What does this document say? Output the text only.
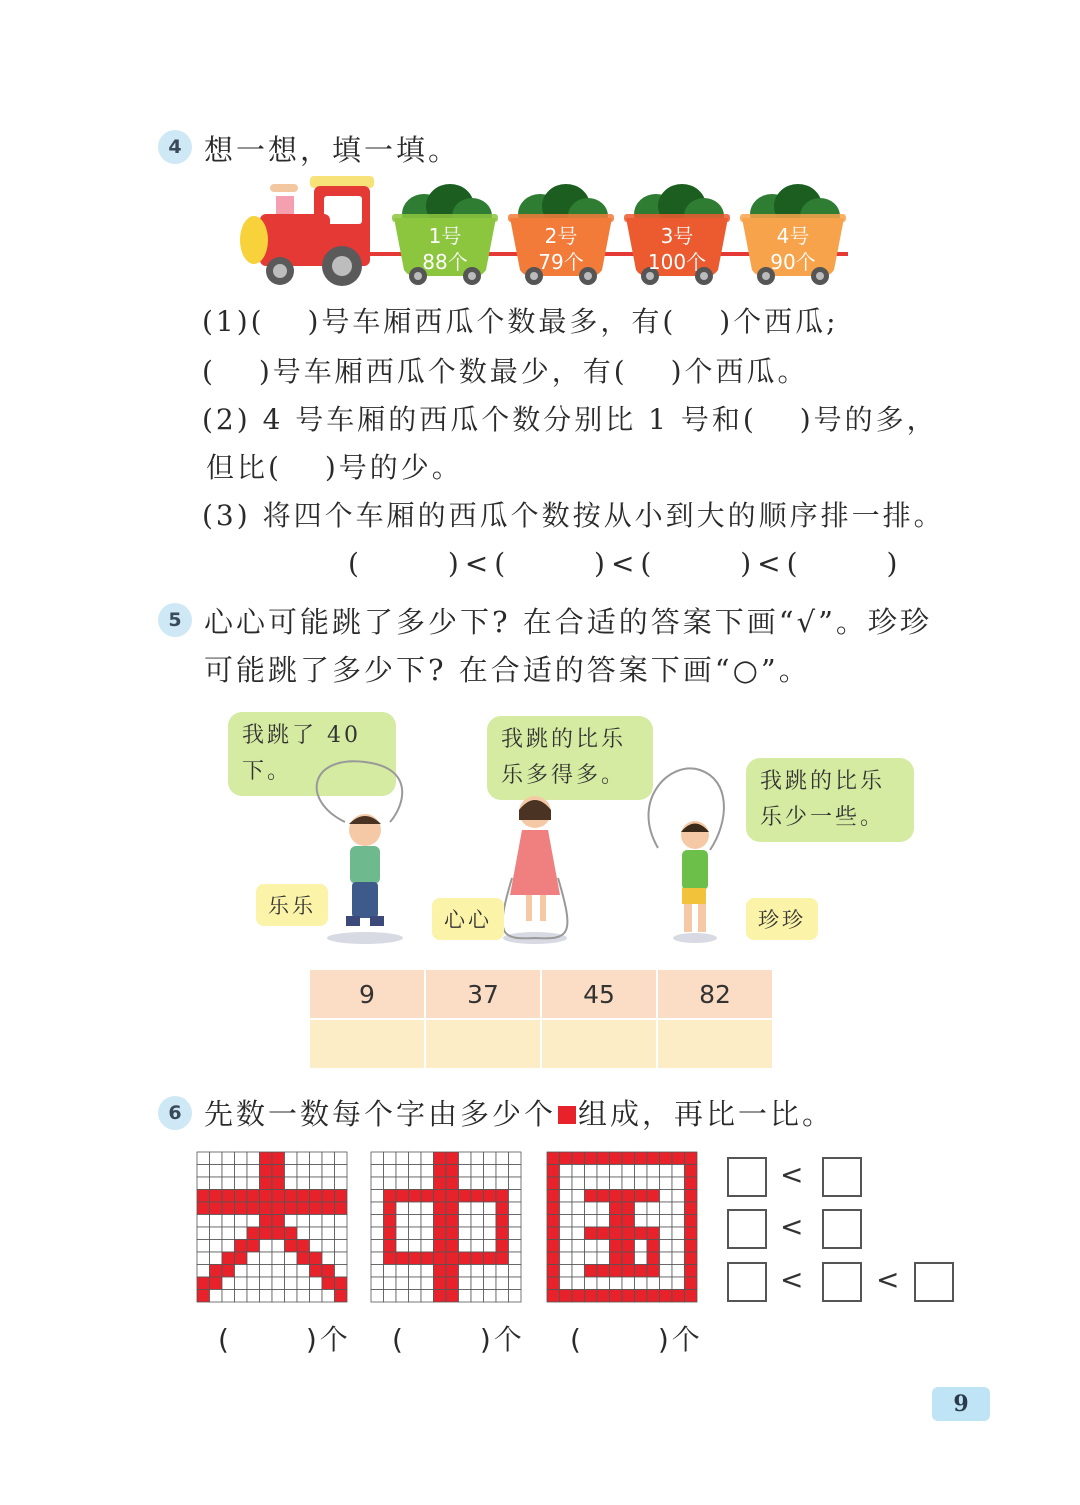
4 想一想，填一填。
1号
88个
2号
79个
3号
100个
4号
90个
(1)(　 )号车厢西瓜个数最多，有(　 )个西瓜;
(　 )号车厢西瓜个数最少，有(　 )个西瓜。
(2) 4 号车厢的西瓜个数分别比 1 号和(　 )号的多，
但比(　 )号的少。
(3) 将四个车厢的西瓜个数按从小到大的顺序排一排。
(　　 )<(　　 )<(　　 )<(　　 )
5 心心可能跳了多少下? 在合适的答案下画“√”。珍珍
可能跳了多少下? 在合适的答案下画“○”。
我跳了 40 下。
我跳的比乐乐多得多。	我跳的比乐乐少一些。
乐乐
心心	珍珍
9	37	45	82

6 先数一数每个字由多少个 组成，再比一比。
(　　 )个 (　　 )个 (　　 )个
<
<
<	<
9
